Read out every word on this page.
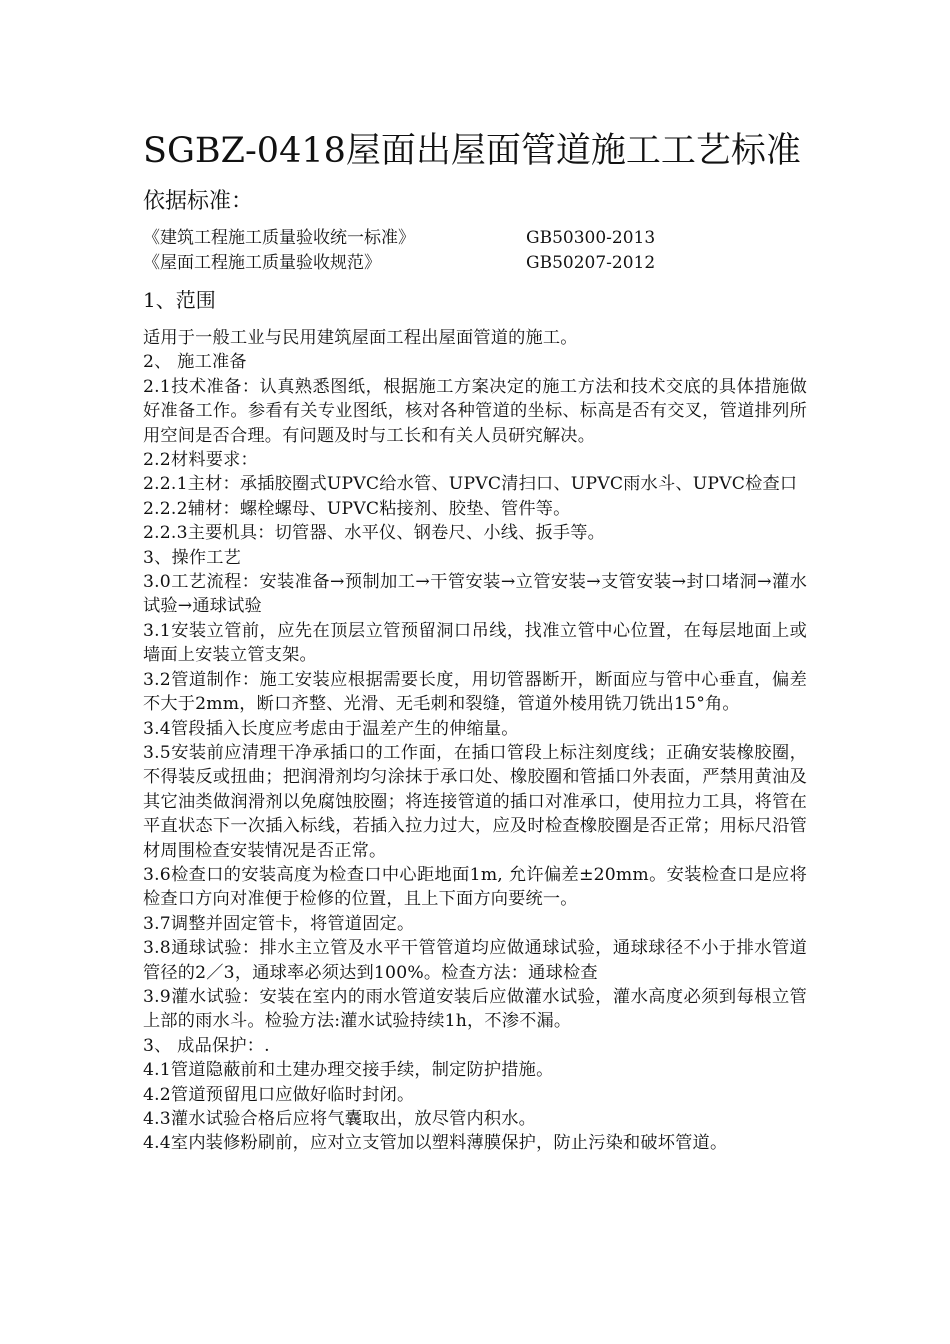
SGBZ-0418屋面出屋面管道施工工艺标准
依据标准：
《建筑工程施工质量验收统一标准》	GB50300-2013
《屋面工程施工质量验收规范》	GB50207-2012
1、范围

适用于一般工业与民用建筑屋面工程出屋面管道的施工。

2、 施工准备

2.1技术准备：认真熟悉图纸，根据施工方案决定的施工方法和技术交底的具体措施做好准备工作。参看有关专业图纸，核对各种管道的坐标、标高是否有交叉，管道排列所用空间是否合理。有问题及时与工长和有关人员研究解决。

2.2材料要求：

2.2.1主材：承插胶圈式UPVC给水管、UPVC清扫口、UPVC雨水斗、UPVC检查口

2.2.2辅材：螺栓螺母、UPVC粘接剂、胶垫、管件等。

2.2.3主要机具：切管器、水平仪、钢卷尺、小线、扳手等。

3、操作工艺

3.0工艺流程：安装准备→预制加工→干管安装→立管安装→支管安装→封口堵洞→灌水试验→通球试验

3.1安装立管前，应先在顶层立管预留洞口吊线，找准立管中心位置，在每层地面上或墙面上安装立管支架。

3.2管道制作：施工安装应根据需要长度，用切管器断开，断面应与管中心垂直，偏差不大于2mm，断口齐整、光滑、无毛刺和裂缝，管道外棱用铣刀铣出15°角。

3.4管段插入长度应考虑由于温差产生的伸缩量。

3.5安装前应清理干净承插口的工作面，在插口管段上标注刻度线；正确安装橡胶圈，不得装反或扭曲；把润滑剂均匀涂抹于承口处、橡胶圈和管插口外表面，严禁用黄油及其它油类做润滑剂以免腐蚀胶圈；将连接管道的插口对准承口，使用拉力工具，将管在平直状态下一次插入标线，若插入拉力过大，应及时检查橡胶圈是否正常；用标尺沿管材周围检查安装情况是否正常。

3.6检查口的安装高度为检查口中心距地面1m, 允许偏差±20mm。安装检查口是应将检查口方向对准便于检修的位置，且上下面方向要统一。

3.7调整并固定管卡，将管道固定。

3.8通球试验：排水主立管及水平干管管道均应做通球试验，通球球径不小于排水管道管径的2／3，通球率必须达到100%。检查方法：通球检查

3.9灌水试验：安装在室内的雨水管道安装后应做灌水试验，灌水高度必须到每根立管上部的雨水斗。检验方法:灌水试验持续1h，不渗不漏。

3、 成品保护：.

4.1管道隐蔽前和土建办理交接手续，制定防护措施。

4.2管道预留甩口应做好临时封闭。

4.3灌水试验合格后应将气囊取出，放尽管内积水。

4.4室内装修粉刷前，应对立支管加以塑料薄膜保护，防止污染和破坏管道。
